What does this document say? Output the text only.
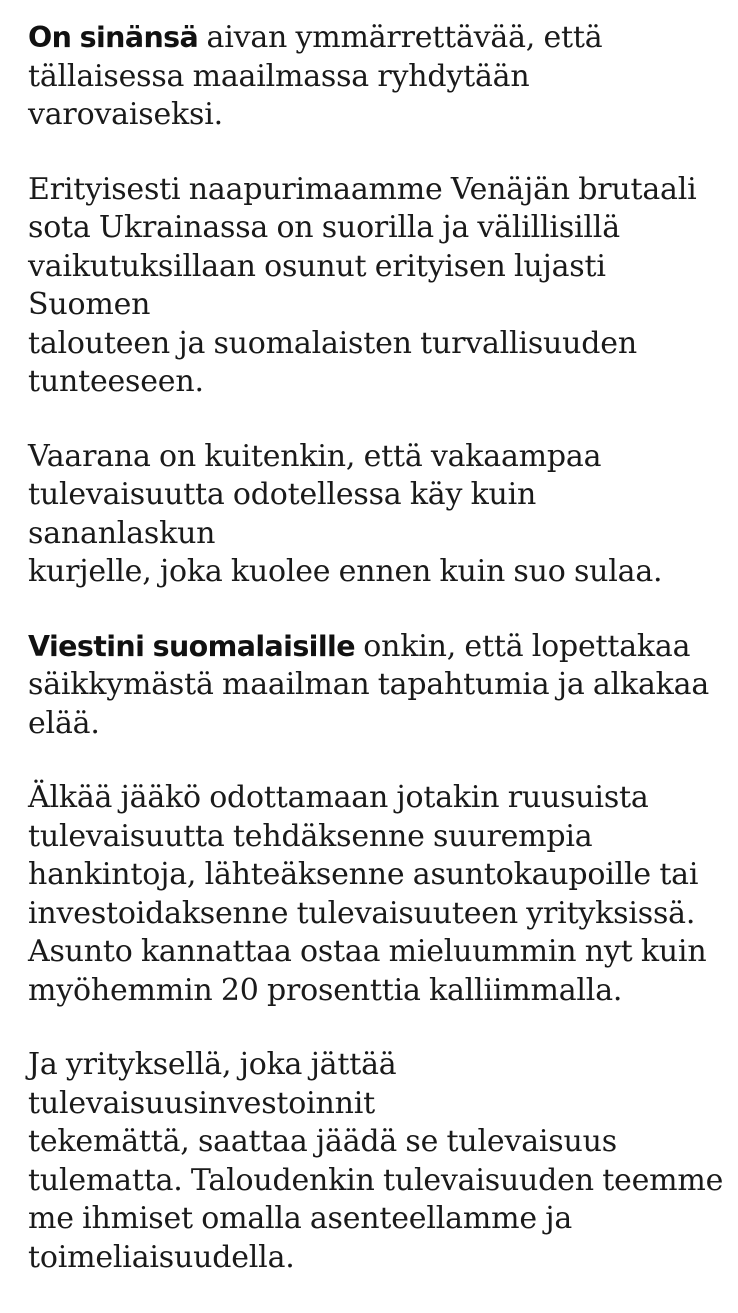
On sinänsä aivan ymmärrettävää, että
tällaisessa maailmassa ryhdytään varovaiseksi.

Erityisesti naapurimaamme Venäjän brutaali
sota Ukrainassa on suorilla ja välillisillä
vaikutuksillaan osunut erityisen lujasti Suomen
talouteen ja suomalaisten turvallisuuden
tunteeseen.

Vaarana on kuitenkin, että vakaampaa
tulevaisuutta odotellessa käy kuin sananlaskun
kurjelle, joka kuolee ennen kuin suo sulaa.

Viestini suomalaisille onkin, että lopettakaa
säikkymästä maailman tapahtumia ja alkakaa
elää.

Älkää jääkö odottamaan jotakin ruusuista
tulevaisuutta tehdäksenne suurempia
hankintoja, lähteäksenne asuntokaupoille tai
investoidaksenne tulevaisuuteen yrityksissä.
Asunto kannattaa ostaa mieluummin nyt kuin
myöhemmin 20 prosenttia kalliimmalla.

Ja yrityksellä, joka jättää tulevaisuusinvestoinnit
tekemättä, saattaa jäädä se tulevaisuus
tulematta. Taloudenkin tulevaisuuden teemme
me ihmiset omalla asenteellamme ja
toimeliaisuudella.
